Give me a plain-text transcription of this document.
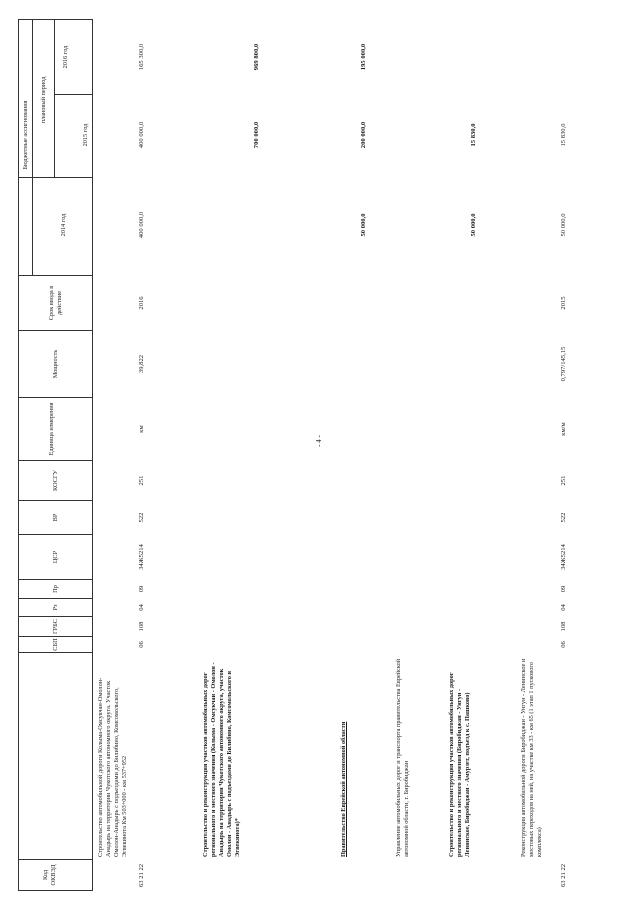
Код ОКВЭД
СБП
ГРБС
Рз
Пр
ЦСР
ВР
КОСГУ
Единица измерения
Мощность
Срок ввода в действие
Бюджетные ассигнования
2014 год
плановый период
2015 год
2016 год
63 21 22
Строительство автомобильной дороги Колыма-Омсукчан-Омолон-Анадырь на территории Чукотского автономного округа. Участок Омолон-Анадырь с подъездами до Билибино, Комсомольского, Эгвекинота Км 503+000 - км 537+952
06
108
04
09
34Ж5214
522
251
км
39,822
2016
400 000,0
400 000,0
165 300,0
Строительство и реконструкция участков автомобильных дорог регионального и местного значения (Колыма - Омсукчан - Омолон - Анадырь на территории Чукотского автономного округа, участок Омолон - Анадырь с подъездами до Билибино, Комсомольского и Эгвекинота)*
700 000,0
969 800,0
Правительство Еврейской автономной области
50 000,0
200 000,0
195 000,0
Управление автомобильных дорог и транспорта правительства Еврейской автономной области, г. Биробиджан	Строительство и реконструкция участков автомобильных дорог регионального и местного значения (Биробиджан - Унгун - Ленинское, Биробиджан - Амурзет, подъезд к с. Пашково)
50 000,0
15 830,0
63 21 22
Реконструкция автомобильной дороги Биробиджан - Унгун - Ленинское и мостовых переходов на ней, на участке км 33 - км 65 (1 этап 1 пускового комплекса)
06
108
04
09
34Ж5214
522
251
км/м
0,797/145,15
2015
50 000,0
15 830,0
- 4 -
